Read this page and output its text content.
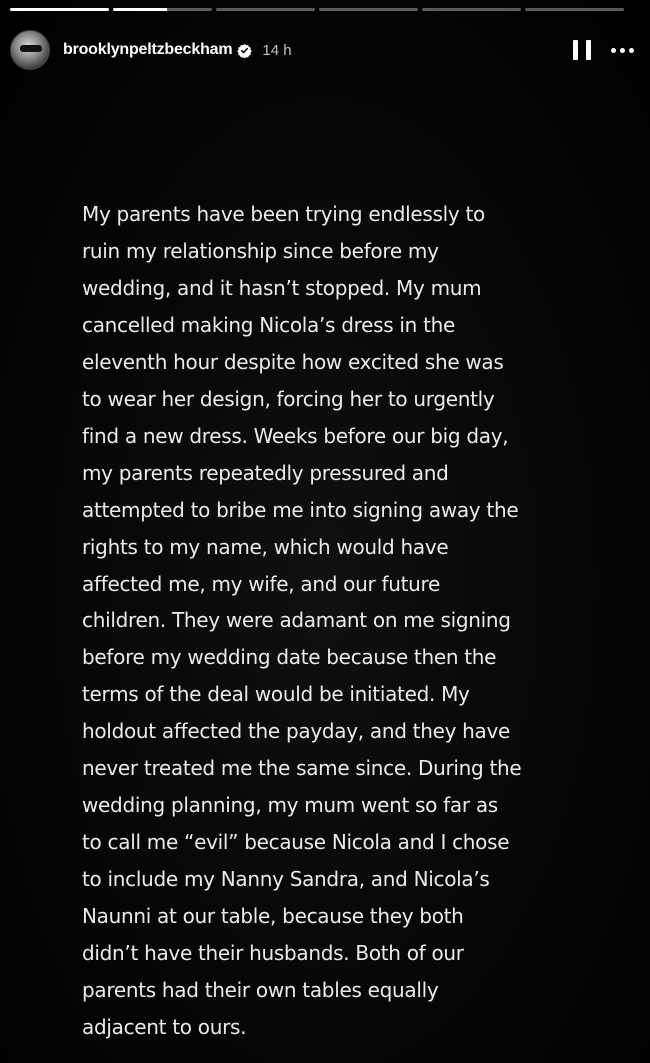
brooklynpeltzbeckham 14 h

My parents have been trying endlessly to
ruin my relationship since before my
wedding, and it hasn’t stopped. My mum
cancelled making Nicola’s dress in the
eleventh hour despite how excited she was
to wear her design, forcing her to urgently
find a new dress. Weeks before our big day,
my parents repeatedly pressured and
attempted to bribe me into signing away the
rights to my name, which would have
affected me, my wife, and our future
children. They were adamant on me signing
before my wedding date because then the
terms of the deal would be initiated. My
holdout affected the payday, and they have
never treated me the same since. During the
wedding planning, my mum went so far as
to call me “evil” because Nicola and I chose
to include my Nanny Sandra, and Nicola’s
Naunni at our table, because they both
didn’t have their husbands. Both of our
parents had their own tables equally
adjacent to ours.
